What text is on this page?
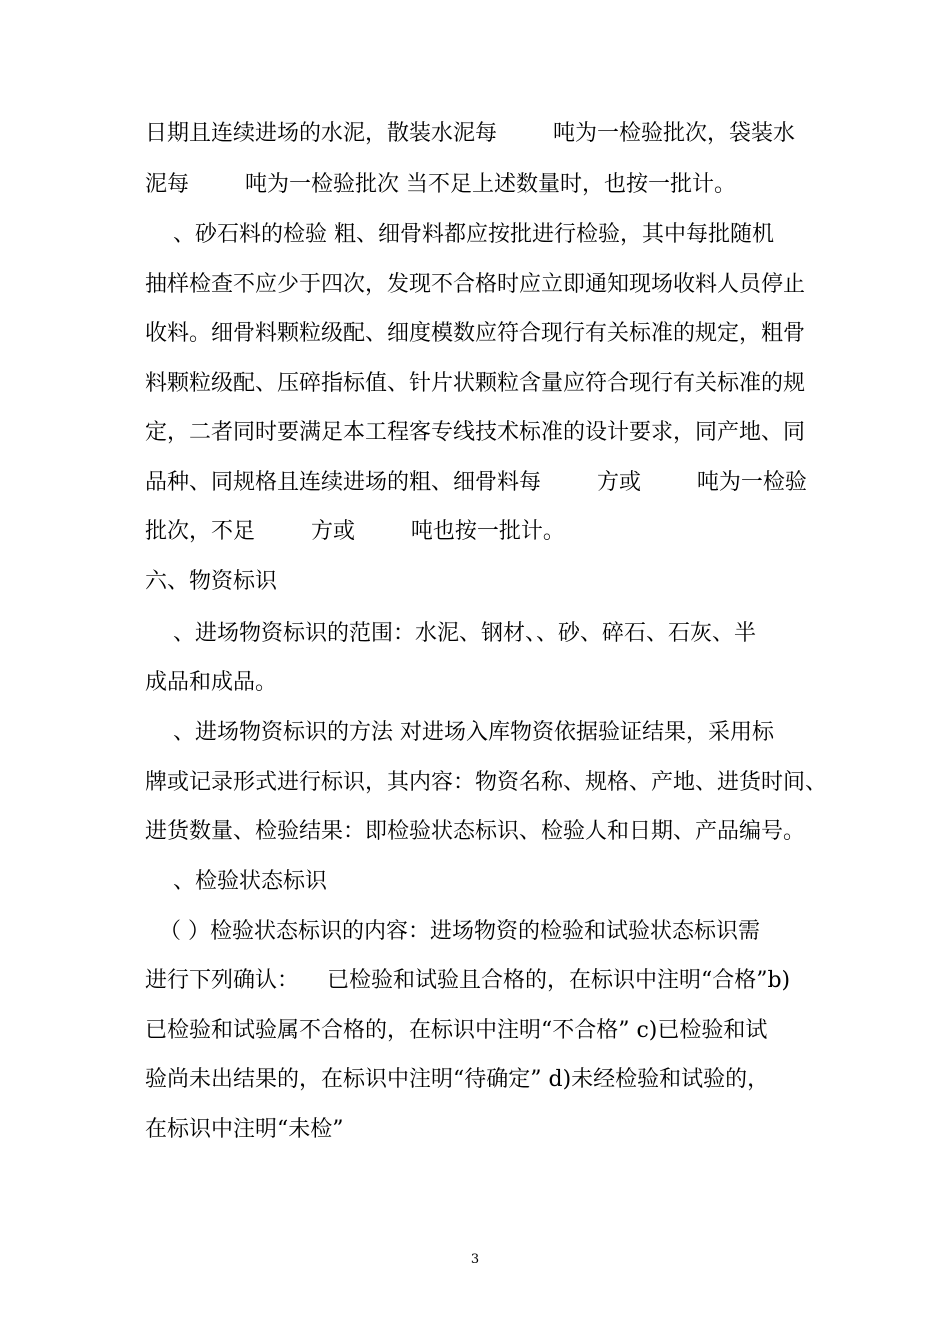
日期且连续进场的水泥，散装水泥每        吨为一检验批次，袋装水

泥每        吨为一检验批次 当不足上述数量时，也按一批计。

、砂石料的检验 粗、细骨料都应按批进行检验，其中每批随机

抽样检查不应少于四次，发现不合格时应立即通知现场收料人员停止

收料。细骨料颗粒级配、细度模数应符合现行有关标准的规定，粗骨

料颗粒级配、压碎指标值、针片状颗粒含量应符合现行有关标准的规

定，二者同时要满足本工程客专线技术标准的设计要求，同产地、同

品种、同规格且连续进场的粗、细骨料每        方或        吨为一检验

批次，不足        方或        吨也按一批计。

六、物资标识

、进场物资标识的范围：水泥、钢材、、砂、碎石、石灰、半

成品和成品。

、进场物资标识的方法 对进场入库物资依据验证结果，采用标

牌或记录形式进行标识，其内容：物资名称、规格、产地、进货时间、

进货数量、检验结果：即检验状态标识、检验人和日期、产品编号。

、检验状态标识

（ ）检验状态标识的内容：进场物资的检验和试验状态标识需

进行下列确认：    已检验和试验且合格的，在标识中注明“合格”b)

已检验和试验属不合格的，在标识中注明“不合格” c)已检验和试

验尚未出结果的，在标识中注明“待确定” d)未经检验和试验的，

在标识中注明“未检”

3
